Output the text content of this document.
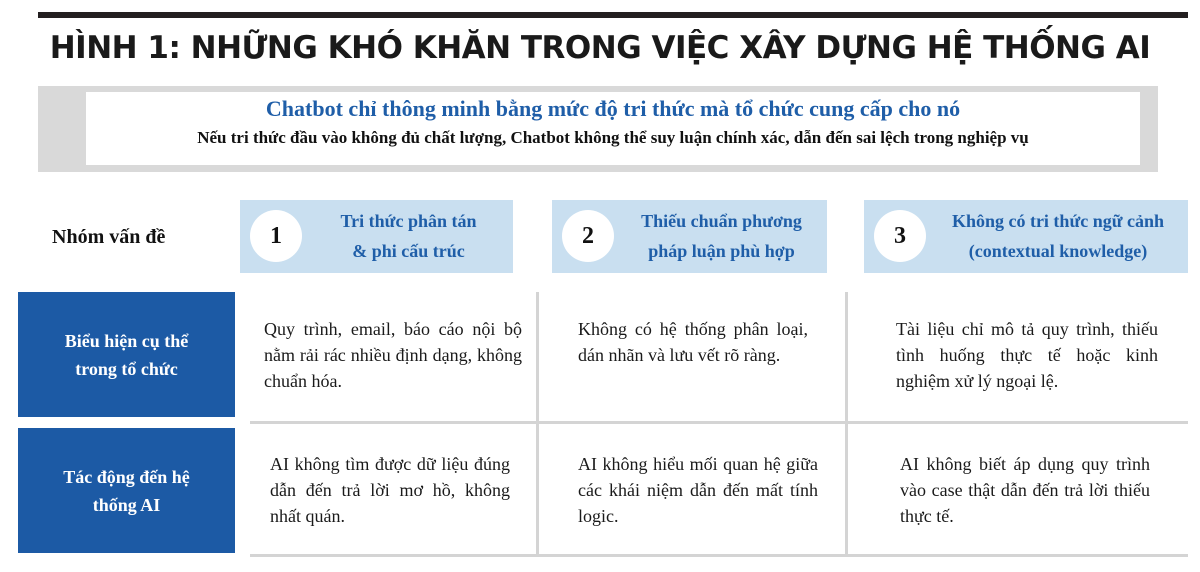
HÌNH 1: NHỮNG KHÓ KHĂN TRONG VIỆC XÂY DỰNG HỆ THỐNG AI
Chatbot chỉ thông minh bằng mức độ tri thức mà tổ chức cung cấp cho nó
Nếu tri thức đầu vào không đủ chất lượng, Chatbot không thể suy luận chính xác, dẫn đến sai lệch trong nghiệp vụ
Nhóm vấn đề	1
Tri thức phân tán
& phi cấu trúc
2
Thiếu chuẩn phương
pháp luận phù hợp
3
Không có tri thức ngữ cảnh
(contextual knowledge)
Biểu hiện cụ thể
trong tổ chức
Quy trình, email, báo cáo nội bộ nằm rải rác nhiều định dạng, không chuẩn hóa.
Không có hệ thống phân loại, dán nhãn và lưu vết rõ ràng.
Tài liệu chỉ mô tả quy trình, thiếu tình huống thực tế hoặc kinh nghiệm xử lý ngoại lệ.
Tác động đến hệ
thống AI
AI không tìm được dữ liệu đúng dẫn đến trả lời mơ hồ, không nhất quán.
AI không hiểu mối quan hệ giữa các khái niệm dẫn đến mất tính logic.
AI không biết áp dụng quy trình vào case thật dẫn đến trả lời thiếu thực tế.
